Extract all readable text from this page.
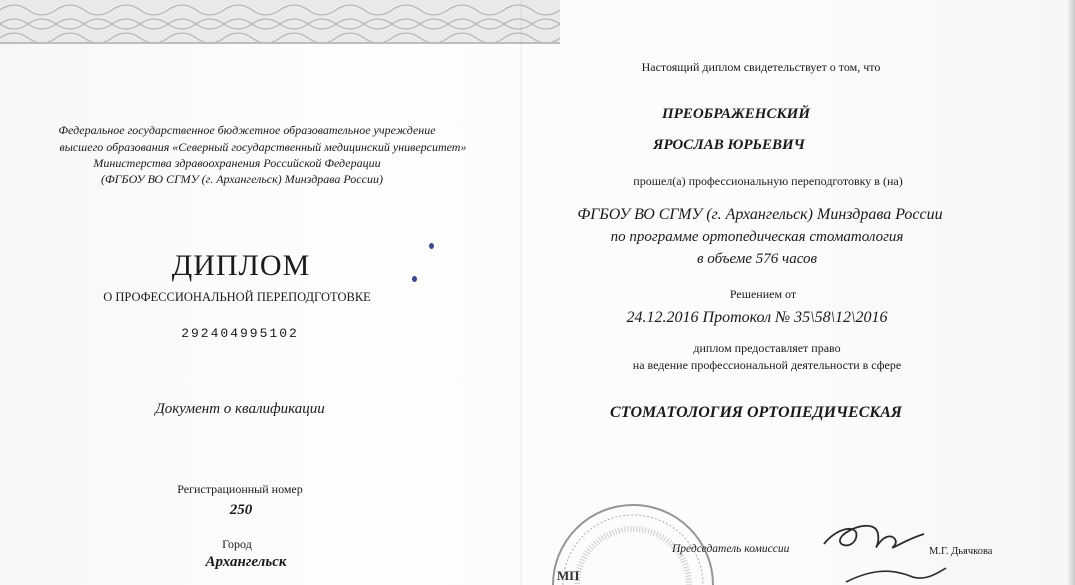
Федеральное государственное бюджетное образовательное учреждение
высшего образования «Северный государственный медицинский университет»
Министерства здравоохранения Российской Федерации
(ФГБОУ ВО СГМУ (г. Архангельск) Минздрава России)
ДИПЛОМ
О ПРОФЕССИОНАЛЬНОЙ ПЕРЕПОДГОТОВКЕ
292404995102
Документ о квалификации
Регистрационный номер
250
Город
Архангельск
Настоящий диплом свидетельствует о том, что
ПРЕОБРАЖЕНСКИЙ
ЯРОСЛАВ ЮРЬЕВИЧ
прошел(а) профессиональную переподготовку в (на)
ФГБОУ ВО СГМУ (г. Архангельск) Минздрава России
по программе ортопедическая стоматология
в объеме 576 часов
Решением от
24.12.2016 Протокол № 35\58\12\2016
диплом предоставляет право
на ведение профессиональной деятельности в сфере
СТОМАТОЛОГИЯ ОРТОПЕДИЧЕСКАЯ
МП
Председатель комиссии	М.Г. Дьячкова
